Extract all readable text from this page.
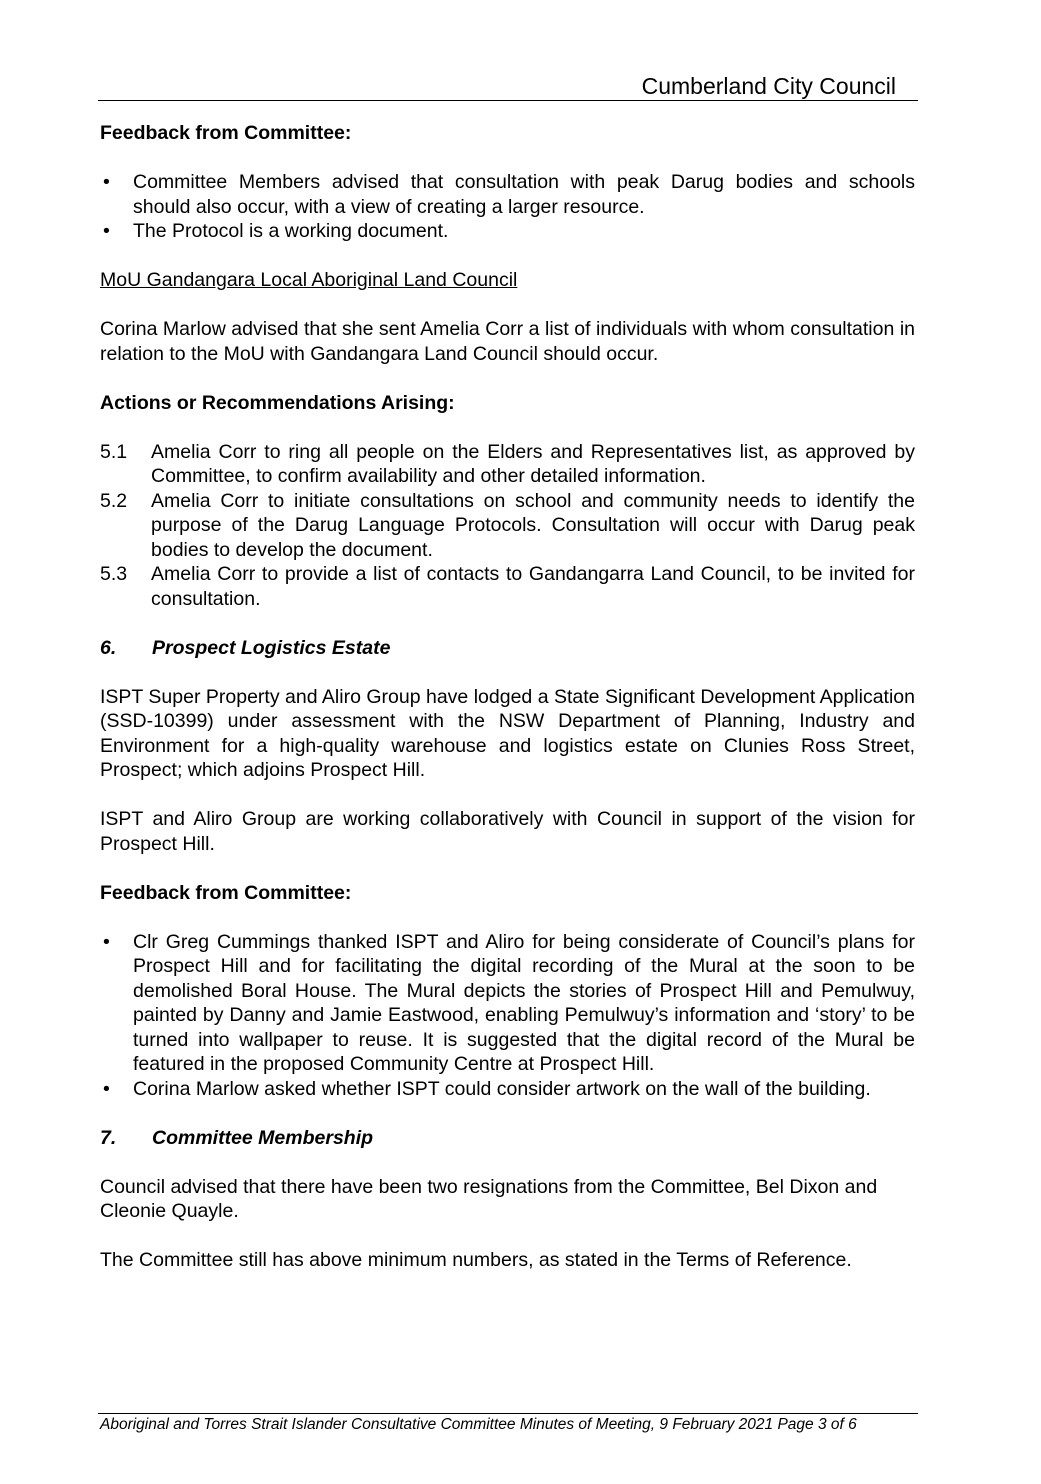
Cumberland City Council

Feedback from Committee:

• Committee Members advised that consultation with peak Darug bodies and schools should also occur, with a view of creating a larger resource.
• The Protocol is a working document.

MoU Gandangara Local Aboriginal Land Council

Corina Marlow advised that she sent Amelia Corr a list of individuals with whom consultation in relation to the MoU with Gandangara Land Council should occur.

Actions or Recommendations Arising:

5.1 Amelia Corr to ring all people on the Elders and Representatives list, as approved by Committee, to confirm availability and other detailed information.
5.2 Amelia Corr to initiate consultations on school and community needs to identify the purpose of the Darug Language Protocols. Consultation will occur with Darug peak bodies to develop the document.
5.3 Amelia Corr to provide a list of contacts to Gandangarra Land Council, to be invited for consultation.

6. Prospect Logistics Estate

ISPT Super Property and Aliro Group have lodged a State Significant Development Application (SSD-10399) under assessment with the NSW Department of Planning, Industry and Environment for a high-quality warehouse and logistics estate on Clunies Ross Street, Prospect; which adjoins Prospect Hill.

ISPT and Aliro Group are working collaboratively with Council in support of the vision for Prospect Hill.

Feedback from Committee:

• Clr Greg Cummings thanked ISPT and Aliro for being considerate of Council’s plans for Prospect Hill and for facilitating the digital recording of the Mural at the soon to be demolished Boral House. The Mural depicts the stories of Prospect Hill and Pemulwuy, painted by Danny and Jamie Eastwood, enabling Pemulwuy’s information and ‘story’ to be turned into wallpaper to reuse. It is suggested that the digital record of the Mural be featured in the proposed Community Centre at Prospect Hill.
• Corina Marlow asked whether ISPT could consider artwork on the wall of the building.

7. Committee Membership

Council advised that there have been two resignations from the Committee, Bel Dixon and Cleonie Quayle.

The Committee still has above minimum numbers, as stated in the Terms of Reference.

Aboriginal and Torres Strait Islander Consultative Committee Minutes of Meeting, 9 February 2021 Page 3 of 6
